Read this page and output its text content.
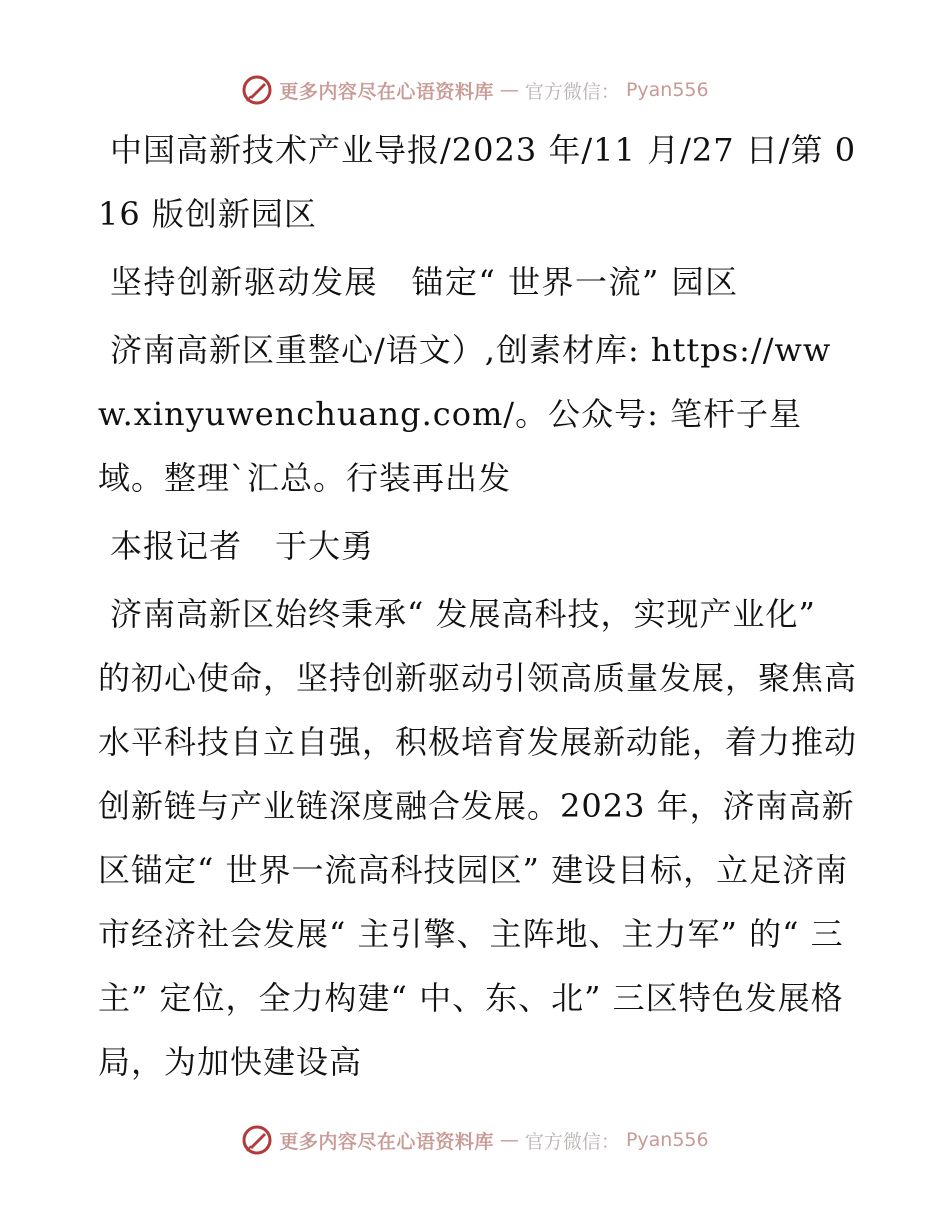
更多内容尽在心语资料库 — 官方微信： Pyan556

中国高新技术产业导报/2023 年/11 月/27 日/第 016 版创新园区

坚持创新驱动发展　锚定“ 世界一流” 园区

济南高新区重整心/语文）,创素材库: https://www.xinyuwenchuang.com/。公众号: 笔杆子星域。整理`汇总。行装再出发

本报记者　于大勇

济南高新区始终秉承“ 发展高科技，实现产业化” 的初心使命，坚持创新驱动引领高质量发展，聚焦高水平科技自立自强，积极培育发展新动能，着力推动创新链与产业链深度融合发展。2023 年，济南高新区锚定“ 世界一流高科技园区” 建设目标，立足济南市经济社会发展“ 主引擎、主阵地、主力军” 的“ 三主” 定位，全力构建“ 中、东、北” 三区特色发展格局，为加快建设高

更多内容尽在心语资料库 — 官方微信： Pyan556
